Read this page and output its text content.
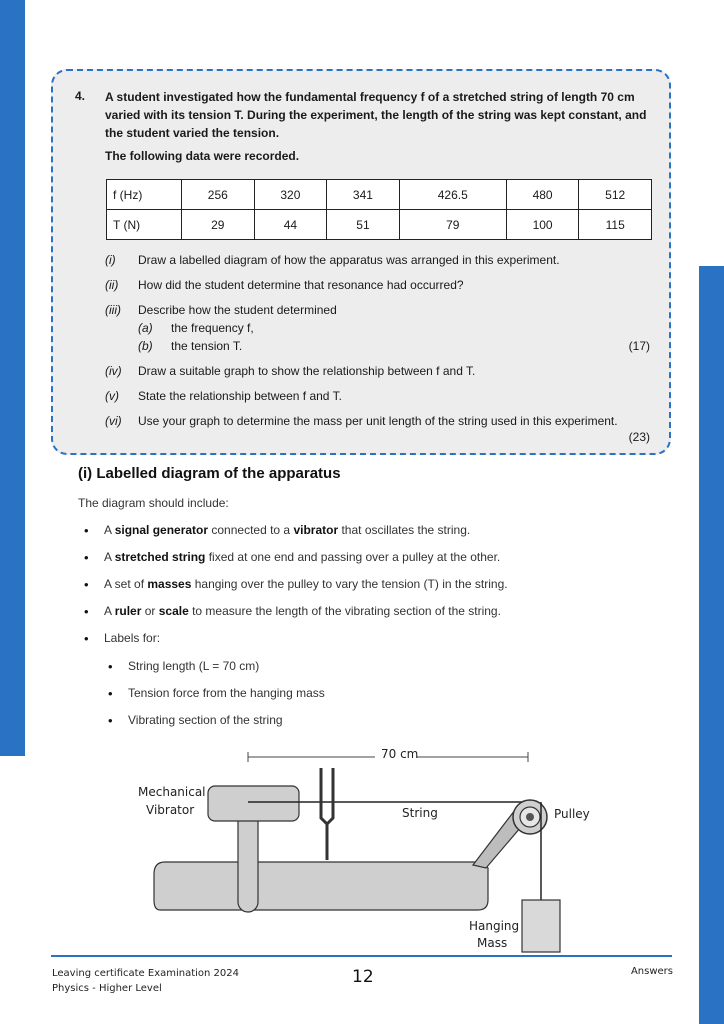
4. A student investigated how the fundamental frequency f of a stretched string of length 70 cm varied with its tension T. During the experiment, the length of the string was kept constant, and the student varied the tension.
The following data were recorded.
f (Hz)	256	320	341	426.5	480	512
T (N)	29	44	51	79	100	115
(i) Draw a labelled diagram of how the apparatus was arranged in this experiment.
(ii) How did the student determine that resonance had occurred?
(iii) Describe how the student determined
(a) the frequency f,
(b) the tension T.	(17)
(iv) Draw a suitable graph to show the relationship between f and T.
(v) State the relationship between f and T.
(vi) Use your graph to determine the mass per unit length of the string used in this experiment.
(23)
(i) Labelled diagram of the apparatus
The diagram should include:
• A signal generator connected to a vibrator that oscillates the string.
• A stretched string fixed at one end and passing over a pulley at the other.
• A set of masses hanging over the pulley to vary the tension (T) in the string.
• A ruler or scale to measure the length of the vibrating section of the string.
• Labels for:
• String length (L = 70 cm)
• Tension force from the hanging mass
• Vibrating section of the string
70 cm
Mechanical
Vibrator	String	Pulley
Hanging
Mass
Leaving certificate Examination 2024
Physics - Higher Level
12	Answers
